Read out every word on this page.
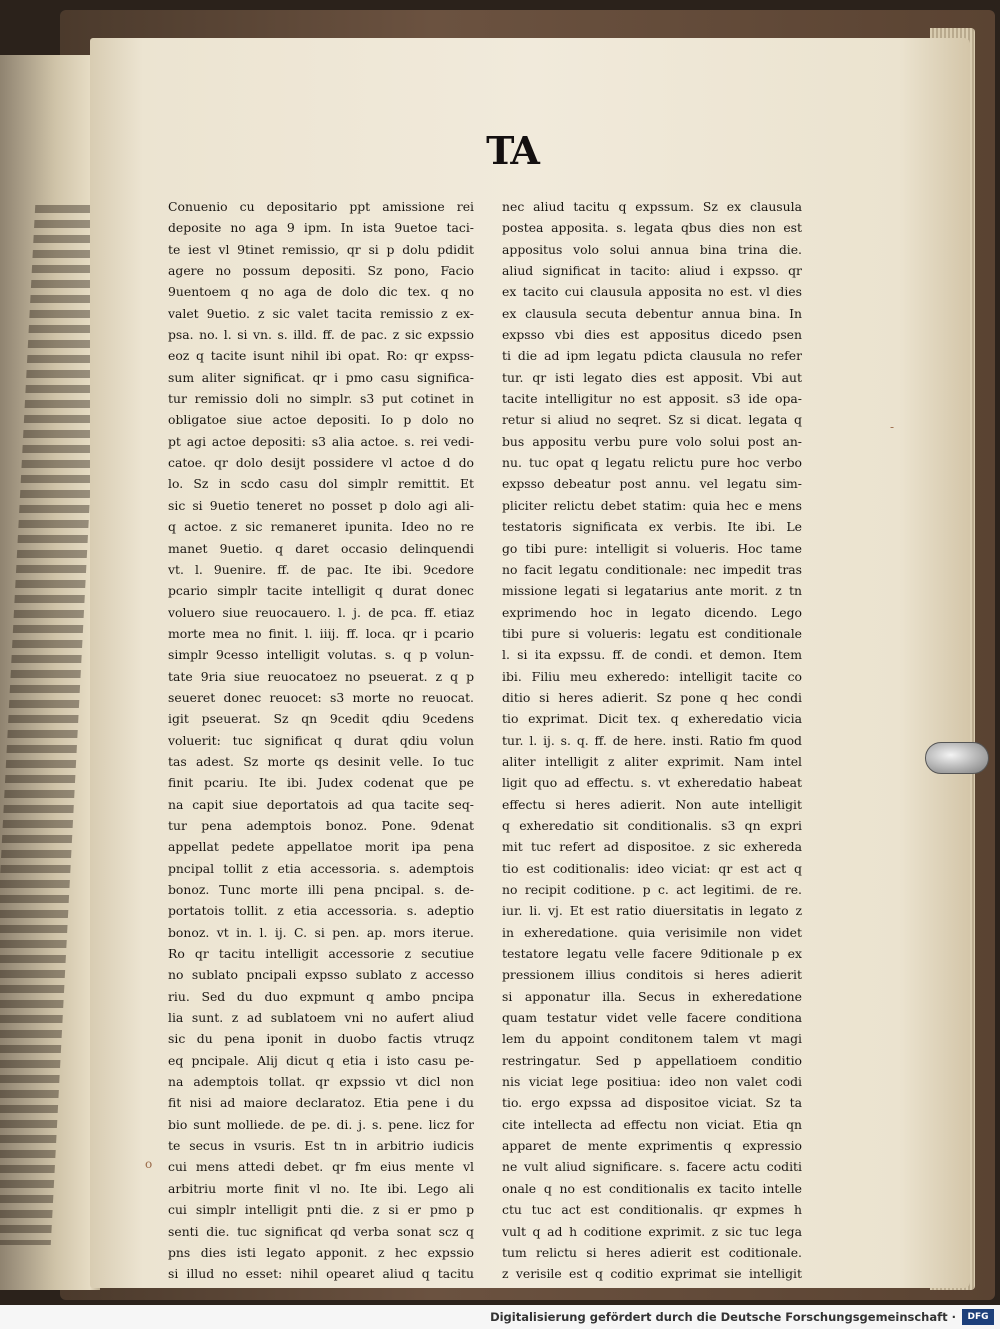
TA
Conuenio cu depositario ppt amissione rei
deposite no aga 9 ipm. In ista 9uetoe taci-
te iest vl 9tinet remissio, qr si p dolu pdidit
agere no possum depositi. Sz pono, Facio
9uentoem q no aga de dolo dic tex. q no
valet 9uetio. z sic valet tacita remissio z ex-
psa. no. l. si vn. s. illd. ff. de pac. z sic expssio
eoz q tacite isunt nihil ibi opat. Ro: qr expss-
sum aliter significat. qr i pmo casu significa-
tur remissio doli no simplr. s3 put cotinet in
obligatoe siue actoe depositi. Io p dolo no
pt agi actoe depositi: s3 alia actoe. s. rei vedi-
catoe. qr dolo desijt possidere vl actoe d do
lo. Sz in scdo casu dol simplr remittit. Et
sic si 9uetio teneret no posset p dolo agi ali-
q actoe. z sic remaneret ipunita. Ideo no re
manet 9uetio. q daret occasio delinquendi
vt. l. 9uenire. ff. de pac. Ite ibi. 9cedore
pcario simplr tacite intelligit q durat donec
voluero siue reuocauero. l. j. de pca. ff. etiaz
morte mea no finit. l. iiij. ff. loca. qr i pcario
simplr 9cesso intelligit volutas. s. q p volun-
tate 9ria siue reuocatoez no pseuerat. z q p
seueret donec reuocet: s3 morte no reuocat.
igit pseuerat. Sz qn 9cedit qdiu 9cedens
voluerit: tuc significat q durat qdiu volun
tas adest. Sz morte qs desinit velle. Io tuc
finit pcariu. Ite ibi. Judex codenat que pe
na capit siue deportatois ad qua tacite seq-
tur pena ademptois bonoz. Pone. 9denat
appellat pedete appellatoe morit ipa pena
pncipal tollit z etia accessoria. s. ademptois
bonoz. Tunc morte illi pena pncipal. s. de-
portatois tollit. z etia accessoria. s. adeptio
bonoz. vt in. l. ij. C. si pen. ap. mors iterue.
Ro qr tacitu intelligit accessorie z secutiue
no sublato pncipali expsso sublato z accesso
riu. Sed du duo expmunt q ambo pncipa
lia sunt. z ad sublatoem vni no aufert aliud
sic du pena iponit in duobo factis vtruqz
eq pncipale. Alij dicut q etia i isto casu pe-
na ademptois tollat. qr expssio vt dicl non
fit nisi ad maiore declaratoz. Etia pene i du
bio sunt molliede. de pe. di. j. s. pene. licz for
te secus in vsuris. Est tn in arbitrio iudicis
cui mens attedi debet. qr fm eius mente vl
arbitriu morte finit vl no. Ite ibi. Lego ali
cui simplr intelligit pnti die. z si er pmo p
senti die. tuc significat qd verba sonat scz q
pns dies isti legato apponit. z hec expssio
si illud no esset: nihil opearet aliud q tacitu
nec aliud tacitu q expssum. Sz ex clausula
postea apposita. s. legata qbus dies non est
appositus volo solui annua bina trina die.
aliud significat in tacito: aliud i expsso. qr
ex tacito cui clausula apposita no est. vl dies
ex clausula secuta debentur annua bina. In
expsso vbi dies est appositus dicedo psen
ti die ad ipm legatu pdicta clausula no refer
tur. qr isti legato dies est apposit. Vbi aut
tacite intelligitur no est apposit. s3 ide opa-
retur si aliud no seqret. Sz si dicat. legata q
bus appositu verbu pure volo solui post an-
nu. tuc opat q legatu relictu pure hoc verbo
expsso debeatur post annu. vel legatu sim-
pliciter relictu debet statim: quia hec e mens
testatoris significata ex verbis. Ite ibi. Le
go tibi pure: intelligit si volueris. Hoc tame
no facit legatu conditionale: nec impedit tras
missione legati si legatarius ante morit. z tn
exprimendo hoc in legato dicendo. Lego
tibi pure si volueris: legatu est conditionale
l. si ita expssu. ff. de condi. et demon. Item
ibi. Filiu meu exheredo: intelligit tacite co
ditio si heres adierit. Sz pone q hec condi
tio exprimat. Dicit tex. q exheredatio vicia
tur. l. ij. s. q. ff. de here. insti. Ratio fm quod
aliter intelligit z aliter exprimit. Nam intel
ligit quo ad effectu. s. vt exheredatio habeat
effectu si heres adierit. Non aute intelligit
q exheredatio sit conditionalis. s3 qn expri
mit tuc refert ad dispositoe. z sic exhereda
tio est coditionalis: ideo viciat: qr est act q
no recipit coditione. p c. act legitimi. de re.
iur. li. vj. Et est ratio diuersitatis in legato z
in exheredatione. quia verisimile non videt
testatore legatu velle facere 9ditionale p ex
pressionem illius conditois si heres adierit
si apponatur illa. Secus in exheredatione
quam testatur videt velle facere conditiona
lem du appoint conditonem talem vt magi
restringatur. Sed p appellatioem conditio
nis viciat lege positiua: ideo non valet codi
tio. ergo expssa ad dispositoe viciat. Sz ta
cite intellecta ad effectu non viciat. Etia qn
apparet de mente exprimentis q expressio
ne vult aliud significare. s. facere actu coditi
onale q no est conditionalis ex tacito intelle
ctu tuc act est conditionalis. qr expmes h
vult q ad h coditione exprimit. z sic tuc lega
tum relictu si heres adierit est coditionale.
z verisile est q coditio exprimat sie intelligit
-
o
Digitalisierung gefördert durch die Deutsche Forschungsgemeinschaft ·	DFG
